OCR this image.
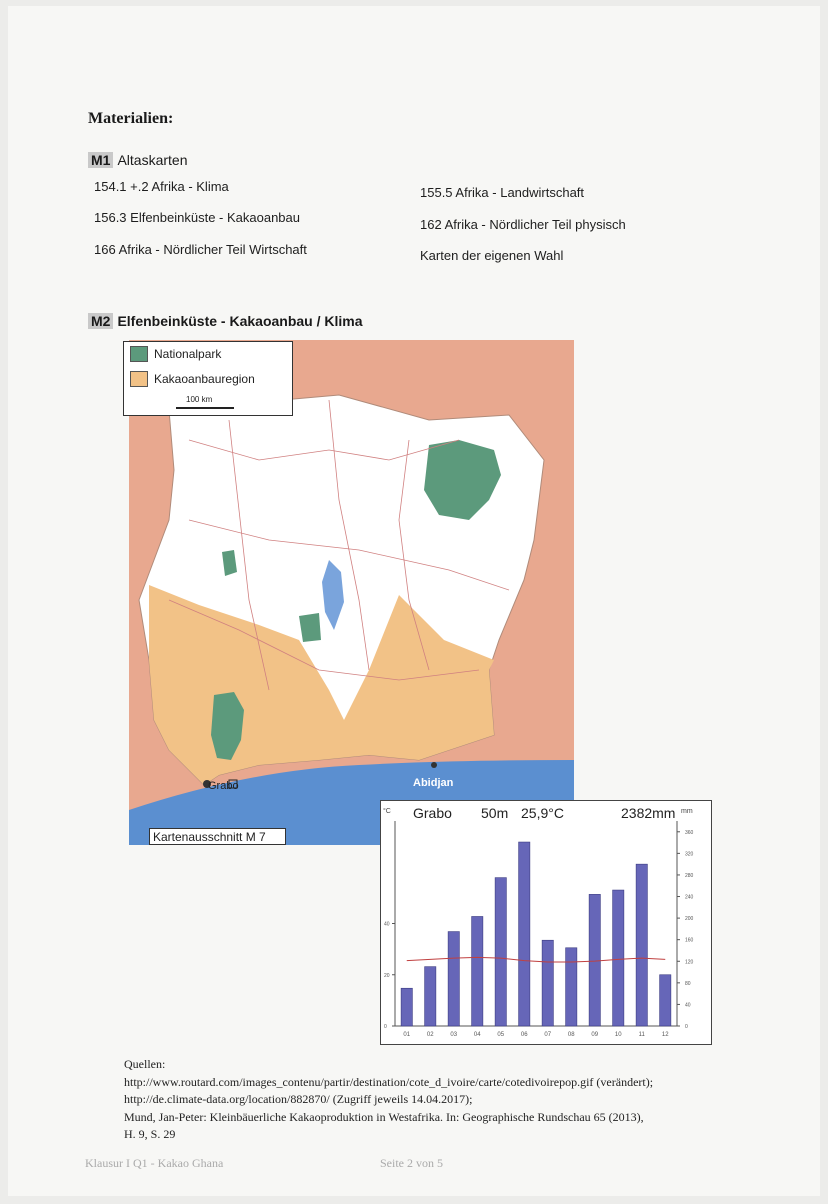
Materialien:
M1 Altaskarten
154.1 +.2 Afrika - Klima
156.3 Elfenbeinküste - Kakaoanbau
166 Afrika - Nördlicher Teil Wirtschaft
155.5 Afrika - Landwirtschaft
162 Afrika - Nördlicher Teil physisch
Karten der eigenen Wahl
M2 Elfenbeinküste - Kakaoanbau / Klima
Nationalpark
Kakaoanbauregion
100 km
Grabo	Abidjan
Kartenausschnitt M 7
Grabo 50m 25,9°C	2382mm
°C	mm
0
40
80
120
160
200
240
280
320
360
0
20
40
01	02	03	04	05	06	07	08	09	10	11	12
Quellen:
http://www.routard.com/images_contenu/partir/destination/cote_d_ivoire/carte/cotedivoirepop.gif (verändert);
http://de.climate-data.org/location/882870/ (Zugriff jeweils 14.04.2017);
Mund, Jan-Peter: Kleinbäuerliche Kakaoproduktion in Westafrika. In: Geographische Rundschau 65 (2013),
H. 9, S. 29
Klausur I Q1 - Kakao Ghana	Seite 2 von 5
